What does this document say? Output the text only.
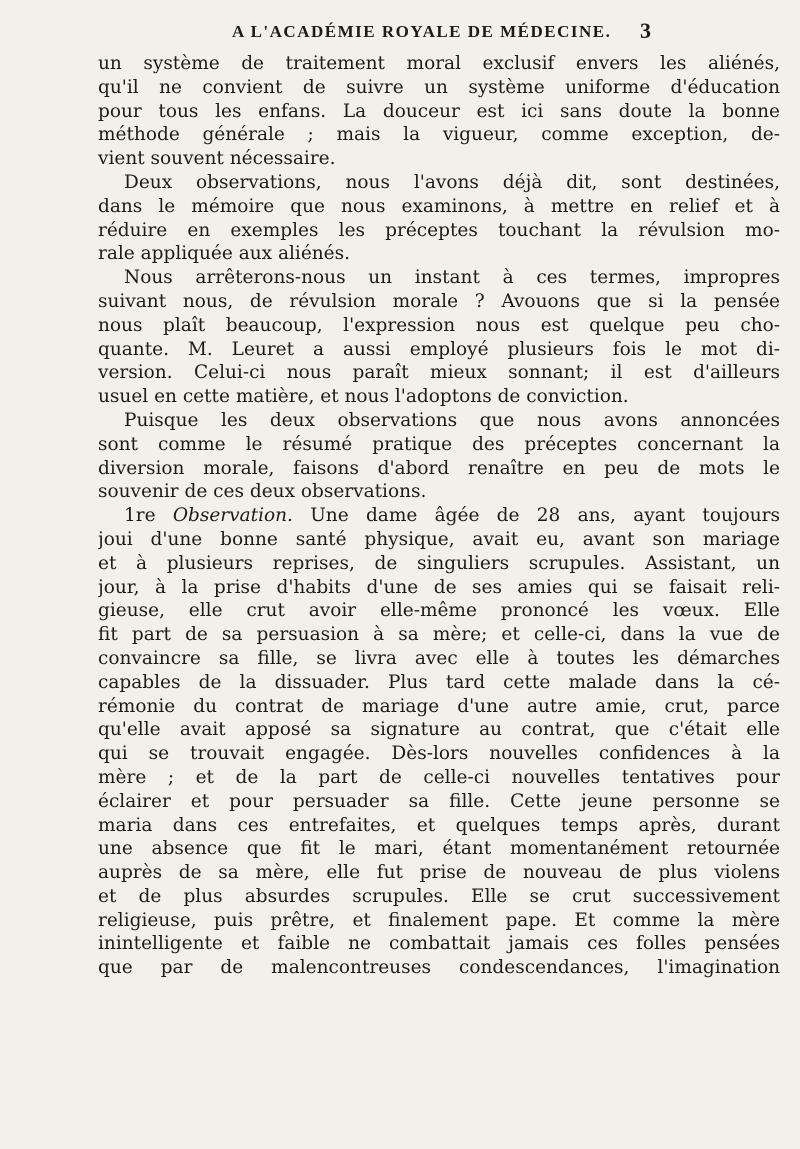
A L'ACADÉMIE ROYALE DE MÉDECINE.	3
un système de traitement moral exclusif envers les aliénés,
qu'il ne convient de suivre un système uniforme d'éducation
pour tous les enfans. La douceur est ici sans doute la bonne
méthode générale ; mais la vigueur, comme exception, de-
vient souvent nécessaire.
Deux observations, nous l'avons déjà dit, sont destinées,
dans le mémoire que nous examinons, à mettre en relief et à
réduire en exemples les préceptes touchant la révulsion mo-
rale appliquée aux aliénés.
Nous arrêterons-nous un instant à ces termes, impropres
suivant nous, de révulsion morale ? Avouons que si la pensée
nous plaît beaucoup, l'expression nous est quelque peu cho-
quante. M. Leuret a aussi employé plusieurs fois le mot di-
version. Celui-ci nous paraît mieux sonnant; il est d'ailleurs
usuel en cette matière, et nous l'adoptons de conviction.
Puisque les deux observations que nous avons annoncées
sont comme le résumé pratique des préceptes concernant la
diversion morale, faisons d'abord renaître en peu de mots le
souvenir de ces deux observations.
1re Observation. Une dame âgée de 28 ans, ayant toujours
joui d'une bonne santé physique, avait eu, avant son mariage
et à plusieurs reprises, de singuliers scrupules. Assistant, un
jour, à la prise d'habits d'une de ses amies qui se faisait reli-
gieuse, elle crut avoir elle-même prononcé les vœux. Elle
fit part de sa persuasion à sa mère; et celle-ci, dans la vue de
convaincre sa fille, se livra avec elle à toutes les démarches
capables de la dissuader. Plus tard cette malade dans la cé-
rémonie du contrat de mariage d'une autre amie, crut, parce
qu'elle avait apposé sa signature au contrat, que c'était elle
qui se trouvait engagée. Dès-lors nouvelles confidences à la
mère ; et de la part de celle-ci nouvelles tentatives pour
éclairer et pour persuader sa fille. Cette jeune personne se
maria dans ces entrefaites, et quelques temps après, durant
une absence que fit le mari, étant momentanément retournée
auprès de sa mère, elle fut prise de nouveau de plus violens
et de plus absurdes scrupules. Elle se crut successivement
religieuse, puis prêtre, et finalement pape. Et comme la mère
inintelligente et faible ne combattait jamais ces folles pensées
que par de malencontreuses condescendances, l'imagination
